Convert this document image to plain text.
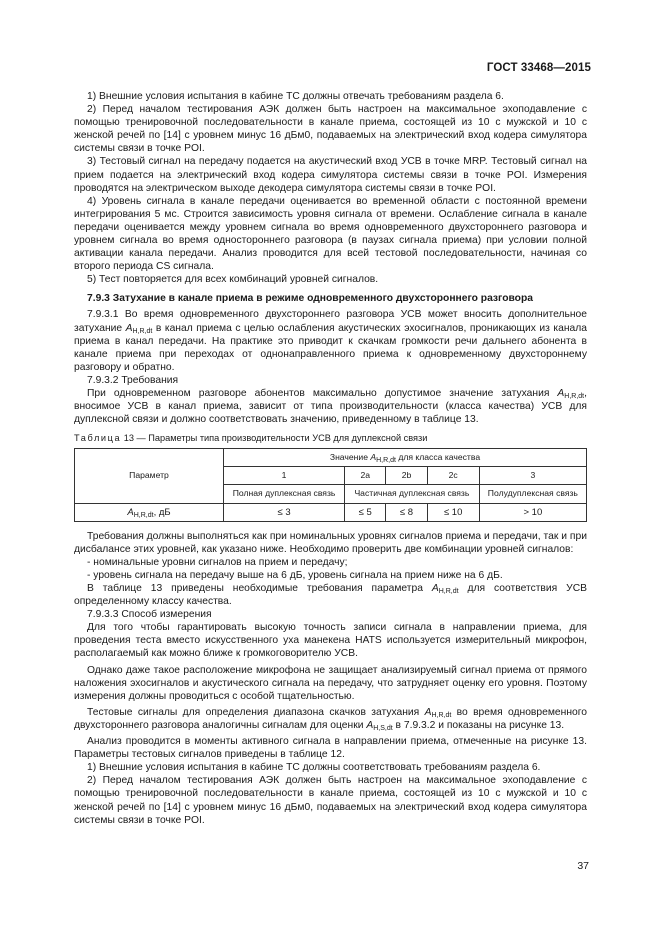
ГОСТ 33468—2015

1) Внешние условия испытания в кабине ТС должны отвечать требованиям раздела 6.

2) Перед началом тестирования АЭК должен быть настроен на максимальное эхоподавление с помощью тренировочной последовательности в канале приема, состоящей из 10 с мужской и 10 с женской речей по [14] с уровнем минус 16 дБм0, подаваемых на электрический вход кодера симулятора системы связи в точке POI.

3) Тестовый сигнал на передачу подается на акустический вход УСВ в точке MRP. Тестовый сигнал на прием подается на электрический вход кодера симулятора системы связи в точке POI. Измерения проводятся на электрическом выходе декодера симулятора системы связи в точке POI.

4) Уровень сигнала в канале передачи оценивается во временной области с постоянной времени интегрирования 5 мс. Строится зависимость уровня сигнала от времени. Ослабление сигнала в канале передачи оценивается между уровнем сигнала во время одновременного двухстороннего разговора и уровнем сигнала во время одностороннего разговора (в паузах сигнала приема) при условии полной активации канала передачи. Анализ проводится для всей тестовой последовательности, начиная со второго периода CS сигнала.

5) Тест повторяется для всех комбинаций уровней сигналов.

7.9.3 Затухание в канале приема в режиме одновременного двухстороннего разговора

7.9.3.1 Во время одновременного двухстороннего разговора УСВ может вносить дополнительное затухание $A_{H,R,dt}$ в канал приема с целью ослабления акустических эхосигналов, проникающих из канала приема в канал передачи. На практике это приводит к скачкам громкости речи дальнего абонента в канале приема при переходах от однонаправленного приема к одновременному двухстороннему разговору и обратно.

7.9.3.2 Требования

При одновременном разговоре абонентов максимально допустимое значение затухания $A_{H,R,dt}$, вносимое УСВ в канал приема, зависит от типа производительности (класса качества) УСВ для дуплексной связи и должно соответствовать значению, приведенному в таблице 13.

Таблица 13 — Параметры типа производительности УСВ для дуплексной связи
Параметр	Значение $A_{H,R,dt}$ для класса качества				
	1	2a	2b	2c	3
	Полная дуплексная связь	Частичная дуплексная связь			Полудуплексная связь
$A_{H,R,dt}$, дБ	≤ 3	≤ 5	≤ 8	≤ 10	> 10

Требования должны выполняться как при номинальных уровнях сигналов приема и передачи, так и при дисбалансе этих уровней, как указано ниже. Необходимо проверить две комбинации уровней сигналов:

- номинальные уровни сигналов на прием и передачу;

- уровень сигнала на передачу выше на 6 дБ, уровень сигнала на прием ниже на 6 дБ.

В таблице 13 приведены необходимые требования параметра $A_{H,R,dt}$ для соответствия УСВ определенному классу качества.

7.9.3.3 Способ измерения

Для того чтобы гарантировать высокую точность записи сигнала в направлении приема, для проведения теста вместо искусственного уха манекена HATS используется измерительный микрофон, располагаемый как можно ближе к громкоговорителю УСВ.

Однако даже такое расположение микрофона не защищает анализируемый сигнал приема от прямого наложения эхосигналов и акустического сигнала на передачу, что затрудняет оценку его уровня. Поэтому измерения должны проводиться с особой тщательностью.

Тестовые сигналы для определения диапазона скачков затухания $A_{H,R,dt}$ во время одновременного двухстороннего разговора аналогичны сигналам для оценки $A_{H,S,dt}$ в 7.9.3.2 и показаны на рисунке 13.

Анализ проводится в моменты активного сигнала в направлении приема, отмеченные на рисунке 13. Параметры тестовых сигналов приведены в таблице 12.

1) Внешние условия испытания в кабине ТС должны соответствовать требованиям раздела 6.

2) Перед началом тестирования АЭК должен быть настроен на максимальное эхоподавление с помощью тренировочной последовательности в канале приема, состоящей из 10 с мужской и 10 с женской речей по [14] с уровнем минус 16 дБм0, подаваемых на электрический вход кодера симулятора системы связи в точке POI.

37
